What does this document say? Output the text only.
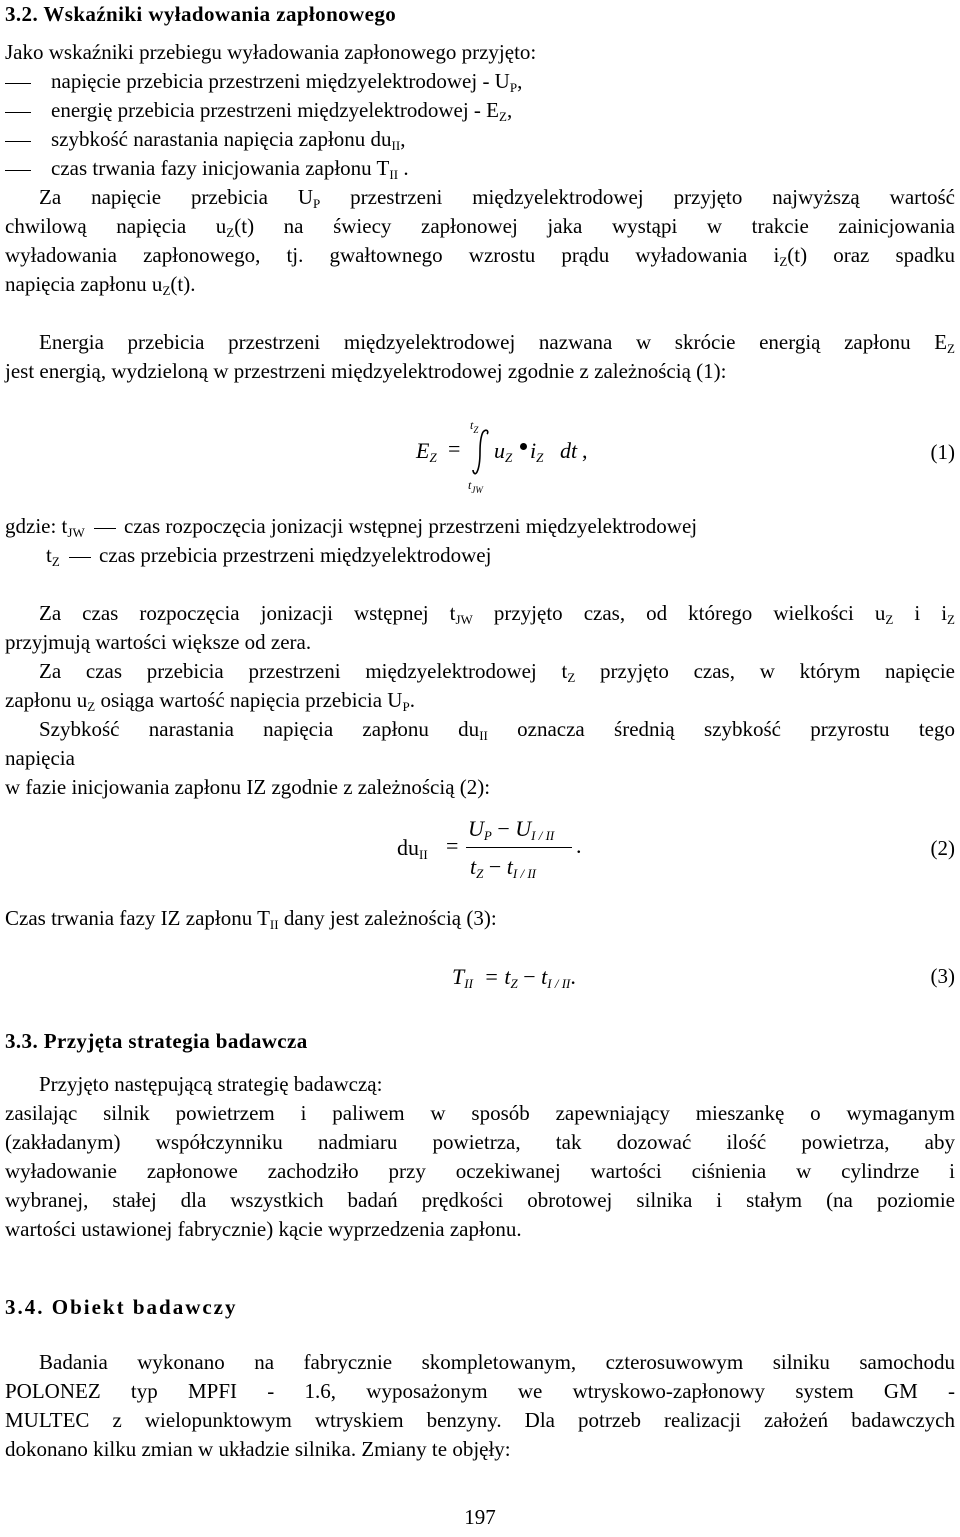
3.2. Wskaźniki wyładowania zapłonowego
Jako wskaźniki przebiegu wyładowania zapłonowego przyjęto:
napięcie przebicia przestrzeni międzyelektrodowej - $U_P$,
energię przebicia przestrzeni międzyelektrodowej - $E_Z$,
szybkość narastania napięcia zapłonu $du_{II}$,
czas trwania fazy inicjowania zapłonu $T_{II}$ .
Za napięcie przebicia $U_P$ przestrzeni międzyelektrodowej przyjęto najwyższą wartość
chwilową napięcia $u_Z(t)$ na świecy zapłonowej jaka wystąpi w trakcie zainicjowania
wyładowania zapłonowego, tj. gwałtownego wzrostu prądu wyładowania $i_Z(t)$ oraz spadku
napięcia zapłonu $u_Z(t)$.
Energia przebicia przestrzeni międzyelektrodowej nazwana w skrócie energią zapłonu $E_Z$
jest energią, wydzieloną w przestrzeni międzyelektrodowej zgodnie z zależnością (1):
$E_Z$ =
$t_Z$
$t_{JW}$
$u_Z$ $i_Z$ dt ,	(1)
gdzie: $t_{JW}$ czas rozpoczęcia jonizacji wstępnej przestrzeni międzyelektrodowej
$t_Z$ czas przebicia przestrzeni międzyelektrodowej
Za czas rozpoczęcia jonizacji wstępnej $t_{JW}$ przyjęto czas, od którego wielkości $u_Z$ i $i_Z$
przyjmują wartości większe od zera.
Za czas przebicia przestrzeni międzyelektrodowej $t_Z$ przyjęto czas, w którym napięcie
zapłonu $u_Z$ osiąga wartość napięcia przebicia $U_P$.
Szybkość narastania napięcia zapłonu $du_{II}$ oznacza średnią szybkość przyrostu tego
napięcia
w fazie inicjowania zapłonu IZ zgodnie z zależnością (2):
$du_{II}$ =
$U_P - U_{I / II}$
$t_Z - t_{I / II}$
.	(2)
Czas trwania fazy IZ zapłonu $T_{II}$ dany jest zależnością (3):
$T_{II} = t_Z - t_{I / II}$.	(3)
3.3. Przyjęta strategia badawcza
Przyjęto następującą strategię badawczą:
zasilając silnik powietrzem i paliwem w sposób zapewniający mieszankę o wymaganym
(zakładanym) współczynniku nadmiaru powietrza, tak dozować ilość powietrza, aby
wyładowanie zapłonowe zachodziło przy oczekiwanej wartości ciśnienia w cylindrze i
wybranej, stałej dla wszystkich badań prędkości obrotowej silnika i stałym (na poziomie
wartości ustawionej fabrycznie) kącie wyprzedzenia zapłonu.
3.4. Obiekt badawczy
Badania wykonano na fabrycznie skompletowanym, czterosuwowym silniku samochodu
POLONEZ typ MPFI - 1.6, wyposażonym we wtryskowo-zapłonowy system GM -
MULTEC z wielopunktowym wtryskiem benzyny. Dla potrzeb realizacji założeń badawczych
dokonano kilku zmian w układzie silnika. Zmiany te objęły:
197
